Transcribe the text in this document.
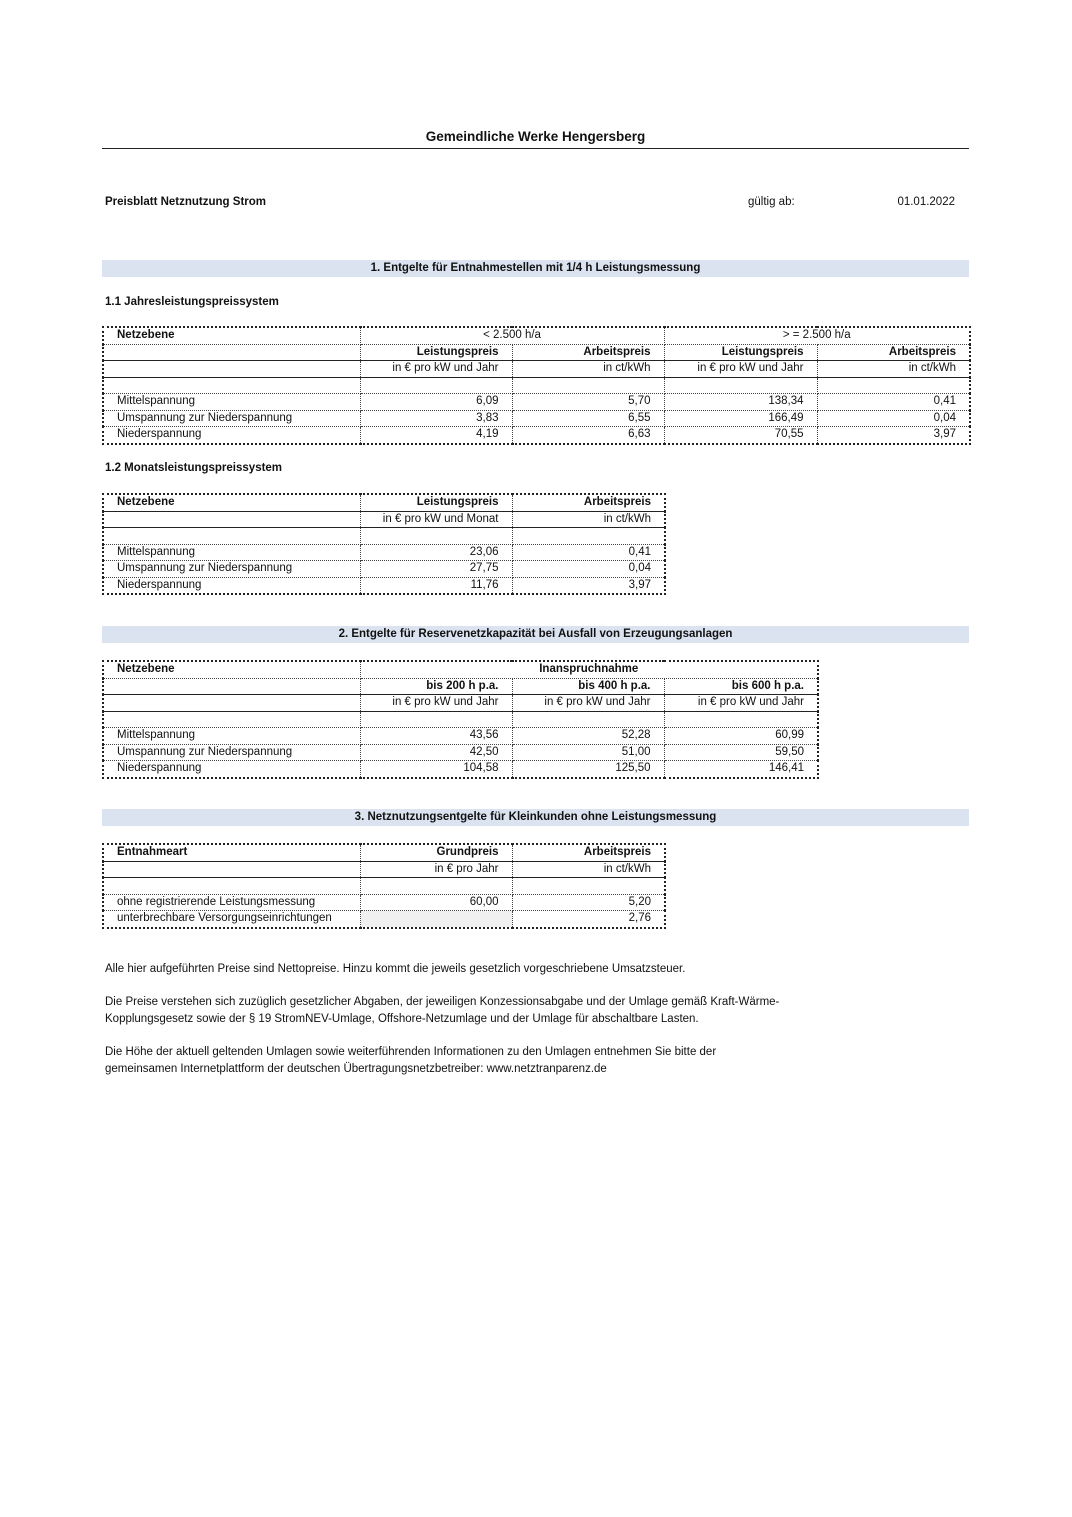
Gemeindliche Werke Hengersberg
Preisblatt Netznutzung Strom	gültig ab:	01.01.2022
1. Entgelte für Entnahmestellen mit 1/4 h Leistungsmessung
1.1 Jahresleistungspreissystem
Netzebene	< 2.500 h/a		> = 2.500 h/a	
	Leistungspreis	Arbeitspreis	Leistungspreis	Arbeitspreis
	in € pro kW und Jahr	in ct/kWh	in € pro kW und Jahr	in ct/kWh

Mittelspannung	6,09	5,70	138,34	0,41
Umspannung zur Niederspannung	3,83	6,55	166,49	0,04
Niederspannung	4,19	6,63	70,55	3,97
1.2 Monatsleistungspreissystem
Netzebene	Leistungspreis	Arbeitspreis
	in € pro kW und Monat	in ct/kWh

Mittelspannung	23,06	0,41
Umspannung zur Niederspannung	27,75	0,04
Niederspannung	11,76	3,97
2. Entgelte für Reservenetzkapazität bei Ausfall von Erzeugungsanlagen
Netzebene	Inanspruchnahme		
	bis 200 h p.a.	bis 400 h p.a.	bis 600 h p.a.
	in € pro kW und Jahr	in € pro kW und Jahr	in € pro kW und Jahr

Mittelspannung	43,56	52,28	60,99
Umspannung zur Niederspannung	42,50	51,00	59,50
Niederspannung	104,58	125,50	146,41
3. Netznutzungsentgelte für Kleinkunden ohne Leistungsmessung
Entnahmeart	Grundpreis	Arbeitspreis
	in € pro Jahr	in ct/kWh

ohne registrierende Leistungsmessung	60,00	5,20
unterbrechbare Versorgungseinrichtungen		2,76
Alle hier aufgeführten Preise sind Nettopreise. Hinzu kommt die jeweils gesetzlich vorgeschriebene Umsatzsteuer.
Die Preise verstehen sich zuzüglich gesetzlicher Abgaben, der jeweiligen Konzessionsabgabe und der Umlage gemäß Kraft-Wärme-
Kopplungsgesetz sowie der § 19 StromNEV-Umlage, Offshore-Netzumlage und der Umlage für abschaltbare Lasten.
Die Höhe der aktuell geltenden Umlagen sowie weiterführenden Informationen zu den Umlagen entnehmen Sie bitte der
gemeinsamen Internetplattform der deutschen Übertragungsnetzbetreiber: www.netztranparenz.de
